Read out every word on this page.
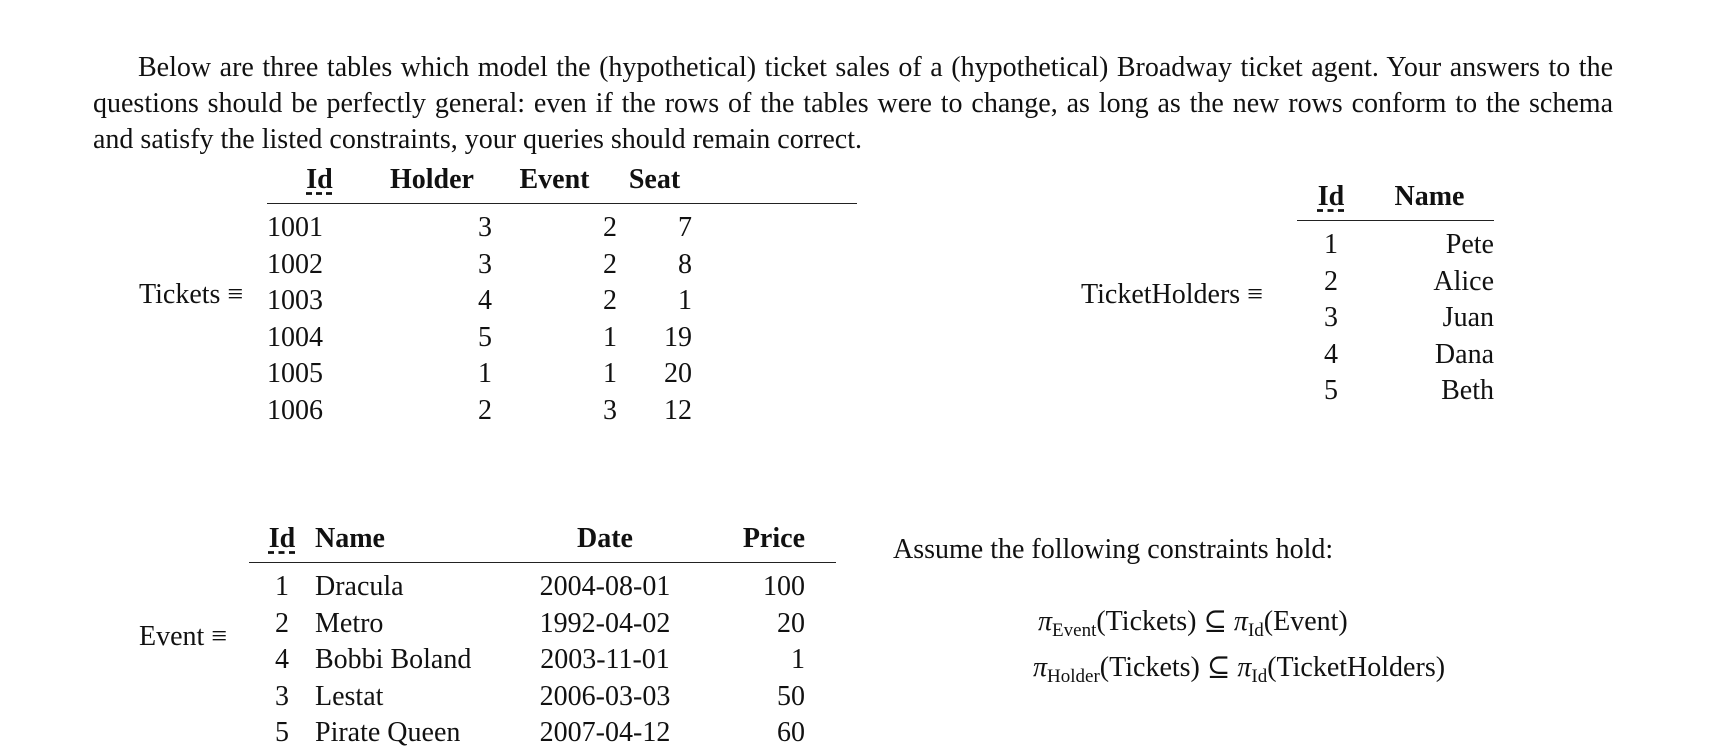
Below are three tables which model the (hypothetical) ticket sales of a (hypothetical) Broadway ticket agent. Your answers to the questions should be perfectly general: even if the rows of the tables were to change, as long as the new rows conform to the schema and satisfy the listed constraints, your queries should remain correct.

Tickets ≡
Id	Holder	Event	Seat	
1001	3	2	7	
1002	3	2	8	
1003	4	2	1	
1004	5	1	19	
1005	1	1	20	
1006	2	3	12	
TicketHolders ≡
Id	Name
1	Pete
2	Alice
3	Juan
4	Dana
5	Beth
Event ≡
Id	Name	Date	Price	
1	Dracula	2004-08-01	100	
2	Metro	1992-04-02	20	
4	Bobbi Boland	2003-11-01	1	
3	Lestat	2006-03-03	50	
5	Pirate Queen	2007-04-12	60	
Assume the following constraints hold:
$\pi_{Event}(Tickets)$ ⊆ $\pi_{Id}(Event)$
$\pi_{Holder}(Tickets)$ ⊆ $\pi_{Id}(TicketHolders)$
